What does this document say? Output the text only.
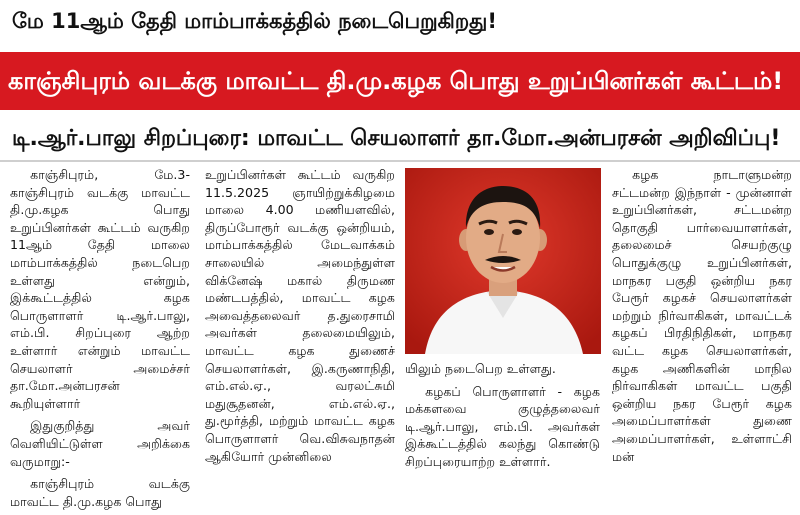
மே 11ஆம் தேதி மாம்பாக்கத்தில் நடைபெறுகிறது!
காஞ்சிபுரம் வடக்கு மாவட்ட தி.மு.கழக பொது உறுப்பினர்கள் கூட்டம்!
டி.ஆர்.பாலு சிறப்புரை: மாவட்ட செயலாளர் தா.மோ.அன்பரசன் அறிவிப்பு!

காஞ்சிபுரம், மே.3- காஞ்சிபுரம் வடக்கு மாவட்ட தி.மு.கழக பொது உறுப்பினர்கள் கூட்டம் வருகிற 11ஆம் தேதி மாலை மாம்பாக்கத்தில் நடைபெற உள்ளது என்றும், இக்கூட்டத்தில் கழக பொருளாளர் டி.ஆர்.பாலு, எம்.பி. சிறப்புரை ஆற்ற உள்ளார் என்றும் மாவட்ட செயலாளர் அமைச்சர் தா.மோ.அன்பரசன் கூறியுள்ளார்

இதுகுறித்து அவர் வெளியிட்டுள்ள அறிக்கை வருமாறு:-

காஞ்சிபுரம் வடக்கு மாவட்ட தி.மு.கழக பொது

உறுப்பினர்கள் கூட்டம் வருகிற 11.5.2025 ஞாயிற்றுக்கிழமை மாலை 4.00 மணியளவில், திருப்போரூர் வடக்கு ஒன்றியம், மாம்பாக்கத்தில் மேடவாக்கம் சாலையில் அமைந்துள்ள விக்னேஷ் மகால் திருமண மண்டபத்தில், மாவட்ட கழக அவைத்தலைவர் த.துரைசாமி அவர்கள் தலைமையிலும், மாவட்ட கழக துணைச் செயலாளர்கள், இ.கருணாநிதி, எம்.எல்.ஏ., வரலட்சுமி மதுசூதனன், எம்.எல்.ஏ., து.மூர்த்தி, மற்றும் மாவட்ட கழக பொருளாளர் வெ.விசுவநாதன் ஆகியோர் முன்னிலை

யிலும் நடைபெற உள்ளது.

கழகப் பொருளாளர் - கழக மக்களவை குழுத்தலைவர் டி.ஆர்.பாலு, எம்.பி. அவர்கள் இக்கூட்டத்தில் கலந்து கொண்டு சிறப்புரையாற்ற உள்ளார்.

கழக நாடாளுமன்ற சட்டமன்ற இந்நாள் - முன்னாள் உறுப்பினர்கள், சட்டமன்ற தொகுதி பார்வையாளர்கள், தலைமைச் செயற்குழு பொதுக்குழு உறுப்பினர்கள், மாநகர பகுதி ஒன்றிய நகர பேரூர் கழகச் செயலாளர்கள் மற்றும் நிர்வாகிகள், மாவட்டக் கழகப் பிரதிநிதிகள், மாநகர வட்ட கழக செயலாளர்கள், கழக அணிகளின் மாநில நிர்வாகிகள் மாவட்ட பகுதி ஒன்றிய நகர பேரூர் கழக அமைப்பாளர்கள் துணை அமைப்பாளர்கள், உள்ளாட்சி மன்
